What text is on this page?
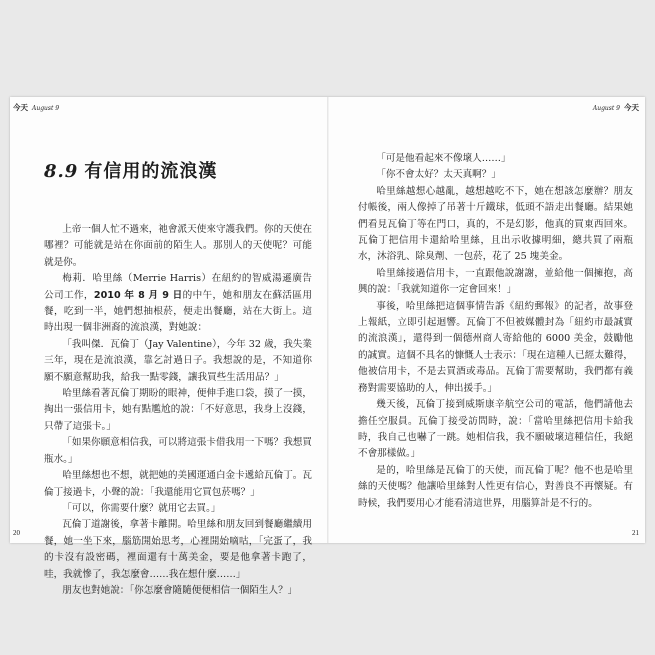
今天 August 9
8.9 有信用的流浪漢

上帝一個人忙不過來，祂會派天使來守護我們。你的天使在哪裡？可能就是站在你面前的陌生人。那別人的天使呢？可能就是你。

梅莉．哈里絲（Merrie Harris）在紐約的智威湯遜廣告公司工作，2010 年 8 月 9 日的中午，她和朋友在蘇活區用餐，吃到一半，她們想抽根菸，便走出餐廳，站在大街上。這時出現一個非洲裔的流浪漢，對她說：

「我叫傑．瓦倫丁（Jay Valentine），今年 32 歲，我失業三年，現在是流浪漢，靠乞討過日子。我想說的是，不知道你願不願意幫助我，給我一點零錢，讓我買些生活用品？」

哈里絲看著瓦倫丁期盼的眼神，便伸手進口袋，摸了一摸，掏出一張信用卡，她有點尷尬的說：「不好意思，我身上沒錢，只帶了這張卡。」

「如果你願意相信我，可以將這張卡借我用一下嗎？我想買瓶水。」

哈里絲想也不想，就把她的美國運通白金卡遞給瓦倫丁。瓦倫丁接過卡，小聲的說：「我還能用它買包菸嗎？」

「可以，你需要什麼？就用它去買。」

瓦倫丁道謝後，拿著卡離開。哈里絲和朋友回到餐廳繼續用餐，她一坐下來，腦筋開始思考，心裡開始嘀咕，「完蛋了，我的卡沒有設密碼，裡面還有十萬美金，要是他拿著卡跑了，哇，我就慘了，我怎麼會……我在想什麼……」

朋友也對她說：「你怎麼會隨隨便便相信一個陌生人？」

20
August 9 今天

「可是他看起來不像壞人……」

「你不會太好？太天真啊？」

哈里絲越想心越亂，越想越吃不下，她在想該怎麼辦？朋友付帳後，兩人像掉了吊著十斤鐵球，低頭不語走出餐廳。結果她們看見瓦倫丁等在門口，真的，不是幻影，他真的買東西回來。瓦倫丁把信用卡還給哈里絲，且出示收據明細，總共買了兩瓶水，沐浴乳、除臭劑、一包菸，花了 25 塊美金。

哈里絲接過信用卡，一直跟他說謝謝，並給他一個擁抱，高興的說：「我就知道你一定會回來！」

事後，哈里絲把這個事情告訴《紐約郵報》的記者，故事登上報紙，立即引起迴響。瓦倫丁不但被媒體封為「紐約市最誠實的流浪漢」，還得到一個德州商人寄給他的 6000 美金，鼓勵他的誠實。這個不具名的慷慨人士表示：「現在這種人已經太難得，他被信用卡，不是去買酒或毒品。瓦倫丁需要幫助，我們都有義務對需要協助的人，伸出援手。」

幾天後，瓦倫丁接到威斯康辛航空公司的電話，他們請他去擔任空服員。瓦倫丁接受訪問時，說：「當哈里絲把信用卡給我時，我自己也嚇了一跳。她相信我，我不願破壞這種信任，我絕不會那樣做。」

是的，哈里絲是瓦倫丁的天使，而瓦倫丁呢？他不也是哈里絲的天使嗎？他讓哈里絲對人性更有信心，對善良不再懷疑。有時候，我們要用心才能看清這世界，用腦算計是不行的。

21
